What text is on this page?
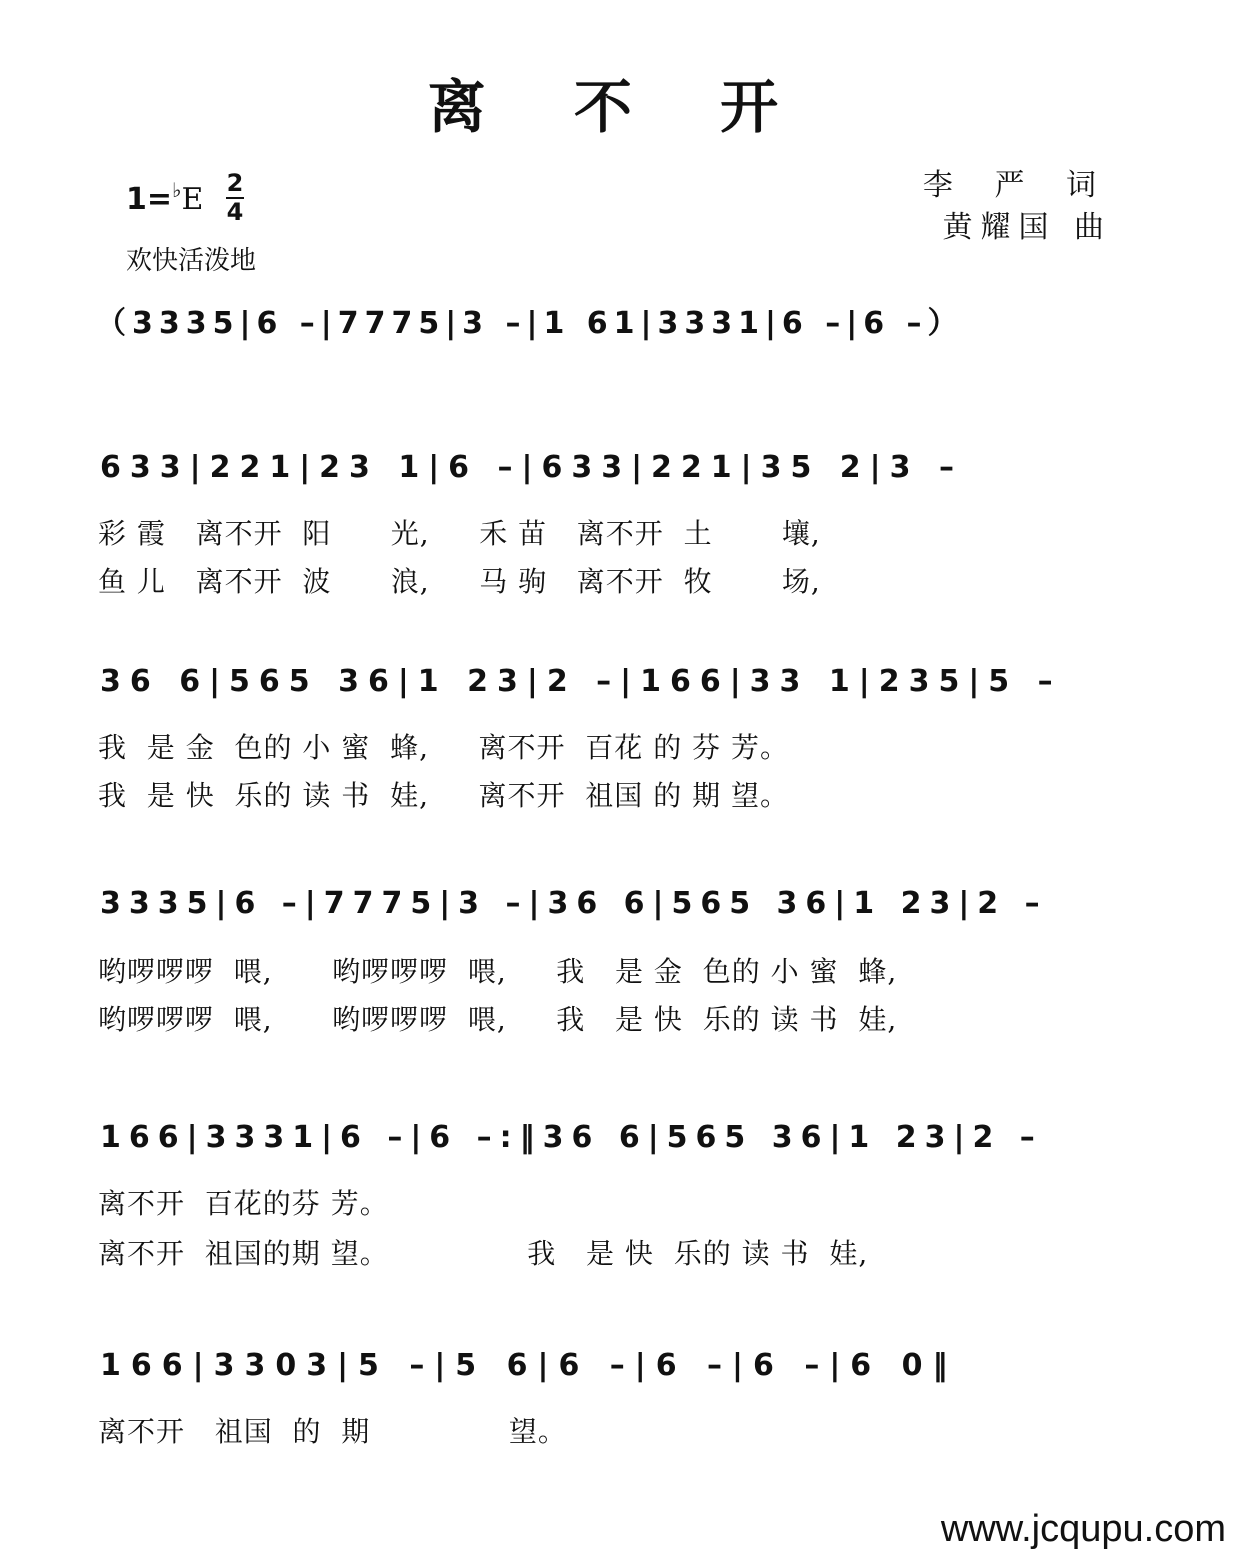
离 不 开
1=♭E 2
4
欢快活泼地
李 严 词
黄耀国 曲
（3335|6 –|7775|3 –|1 61|3331|6 –|6 –）
633|221|23 1|6 –|633|221|35 2|3 –
彩 霞   离不开  阳      光,     禾 苗   离不开  土       壤,
鱼 儿   离不开  波      浪,     马 驹   离不开  牧       场,
36 6|565 36|1 23|2 –|166|33 1|235|5 –
我  是 金  色的 小 蜜  蜂,     离不开  百花 的 芬 芳。
我  是 快  乐的 读 书  娃,     离不开  祖国 的 期 望。
3335|6 –|7775|3 –|36 6|565 36|1 23|2 –
哟啰啰啰  喂,      哟啰啰啰  喂,     我   是 金  色的 小 蜜  蜂,
哟啰啰啰  喂,      哟啰啰啰  喂,     我   是 快  乐的 读 书  娃,
166|3331|6 –|6 –:‖36 6|565 36|1 23|2 –
离不开  百花的芬 芳。
离不开  祖国的期 望。              我   是 快  乐的 读 书  娃,
166|3303|5 –|5 6|6 –|6 –|6 –|6 0‖
离不开   祖国  的  期              望。
www.jcqupu.com
